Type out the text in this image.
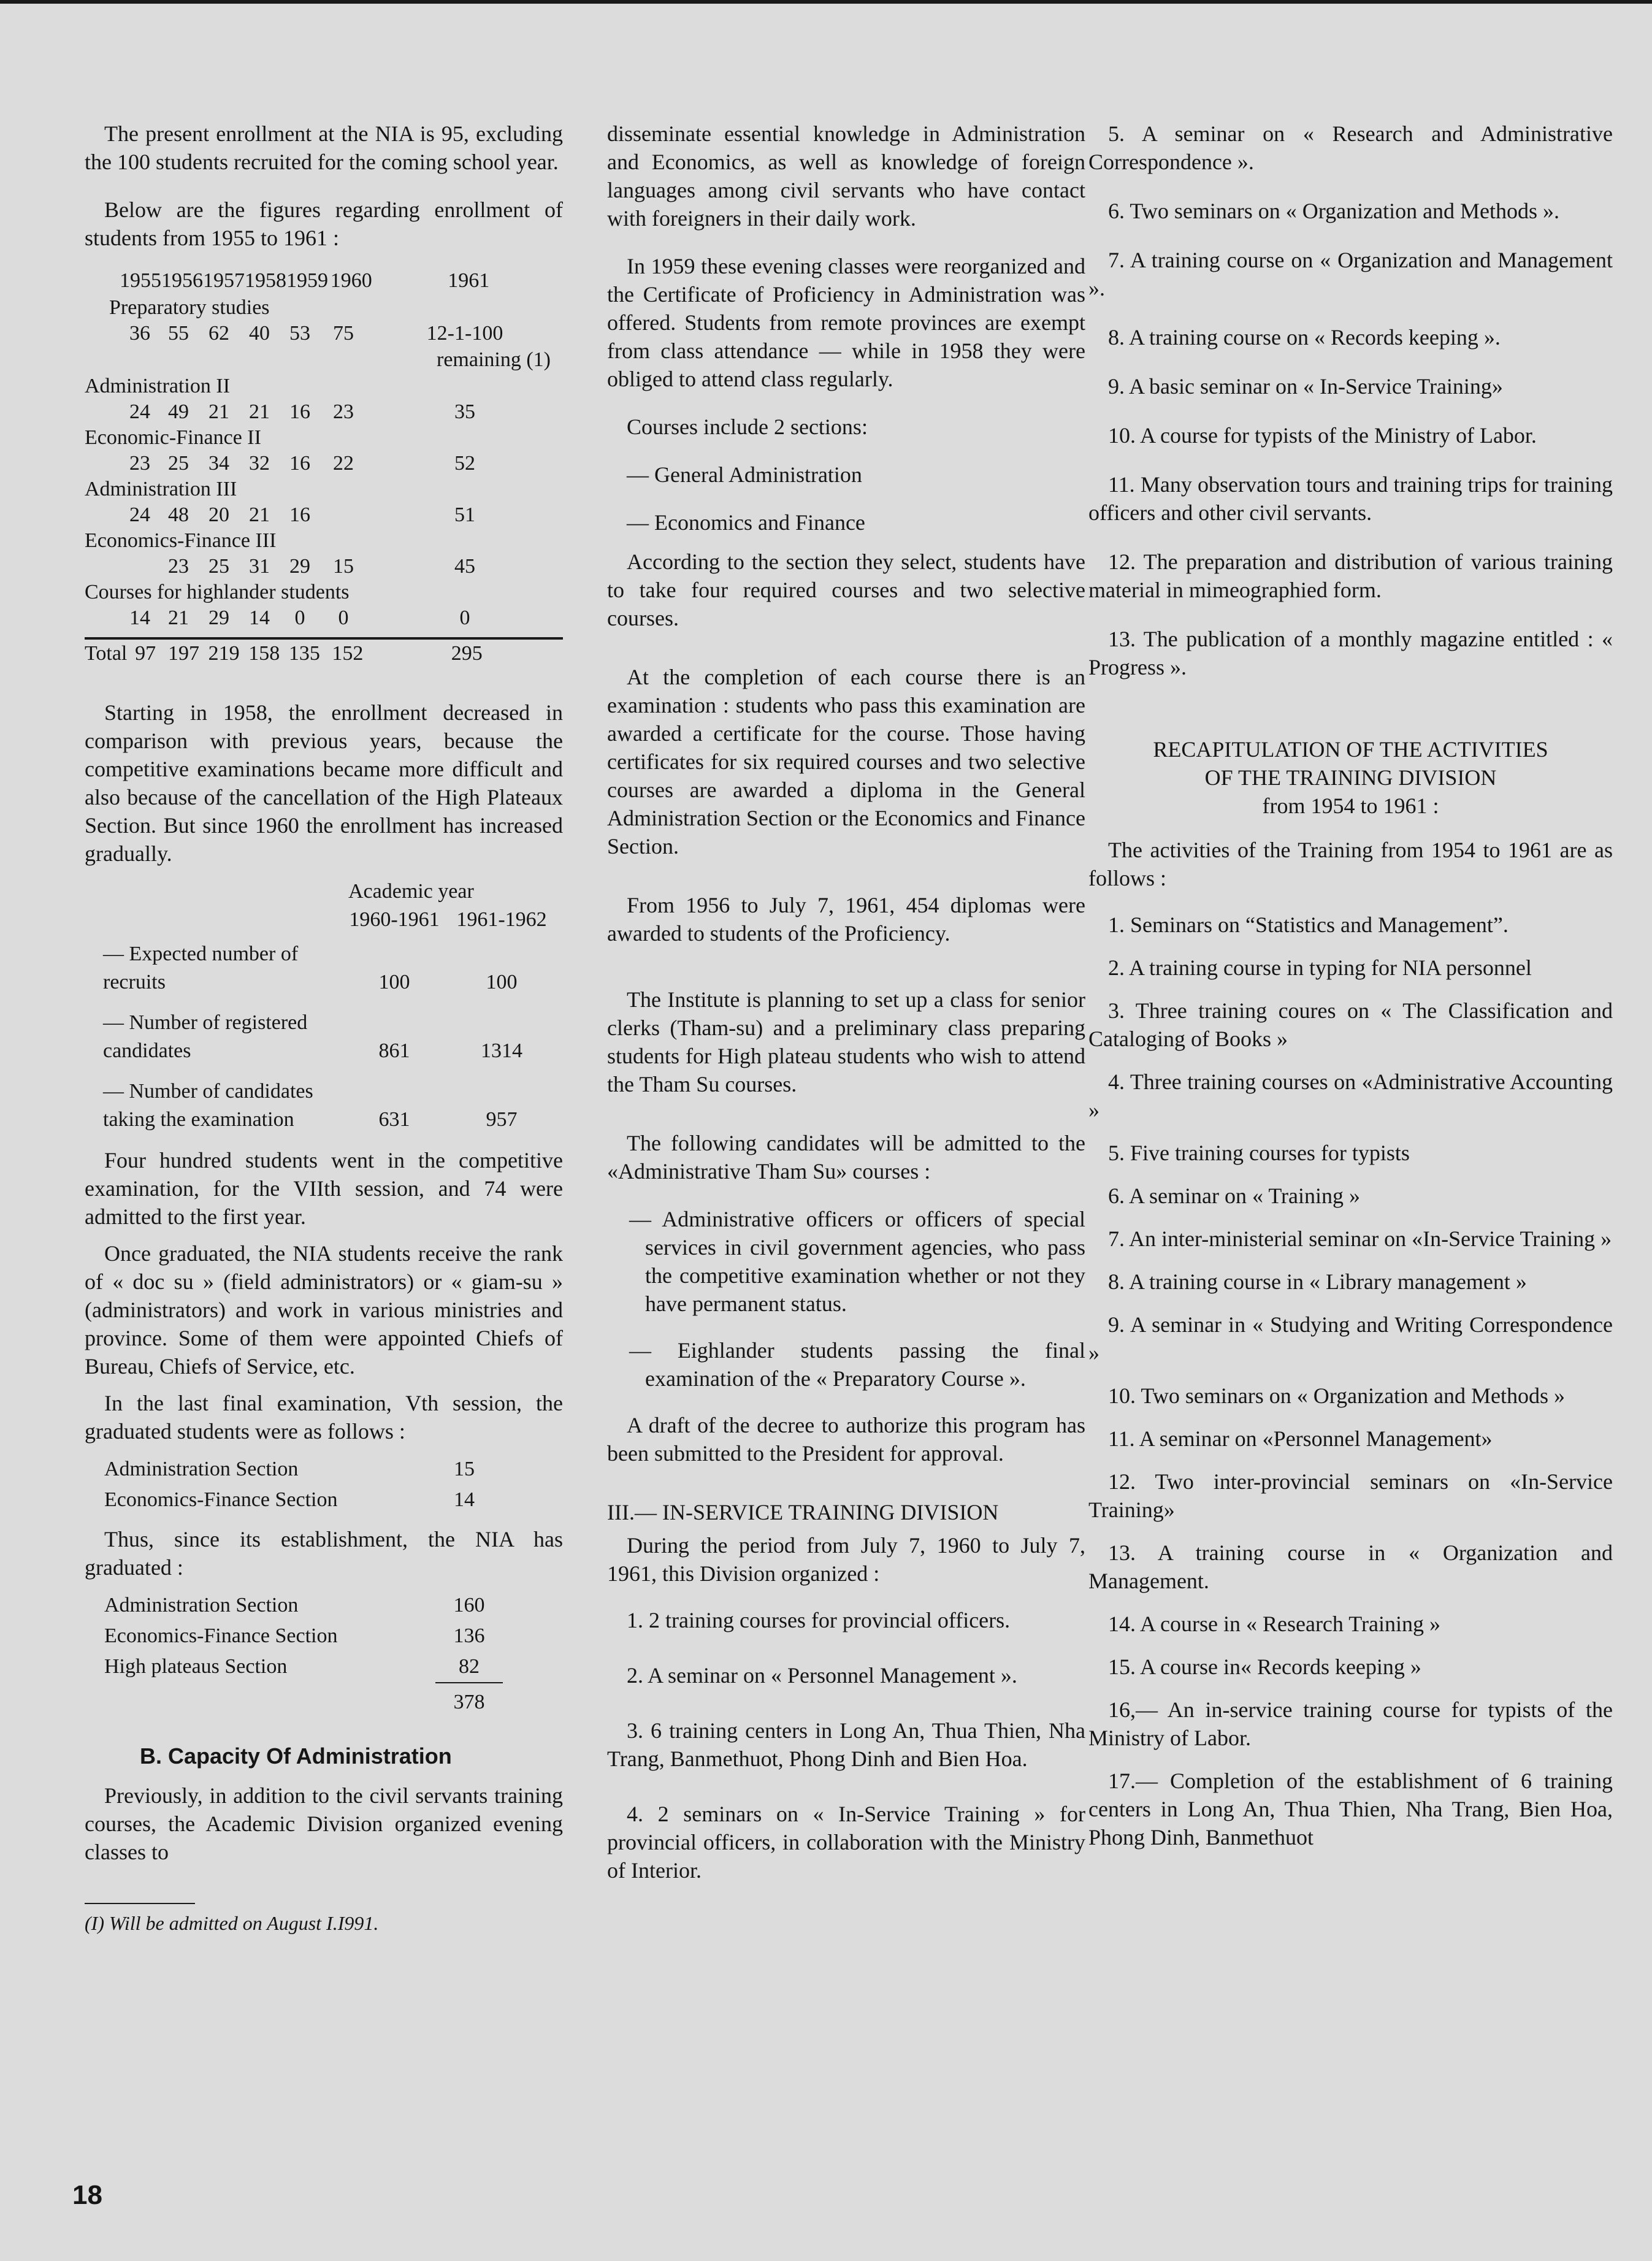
The present enrollment at the NIA is 95, excluding the 100 students recruited for the coming school year.

Below are the figures regarding enrollment of students from 1955 to 1961 :

	1955	1956	1957	1958	1959	1960	1961
Preparatory studies
	36	55	62	40	53	75	12-1-100
remaining (1)
Administration II
	24	49	21	21	16	23	35
Economic-Finance II
	23	25	34	32	16	22	52
Administration III
	24	48	20	21	16		51
Economics-Finance III
		23	25	31	29	15	45
Courses for highlander students
	14	21	29	14	0	0	0
Total	97	197	219	158	135	152	295

Starting in 1958, the enrollment decreased in comparison with previous years, because the competitive examinations became more difficult and also because of the cancellation of the High Plateaux Section. But since 1960 the enrollment has increased gradually.

	Academic year	
	1960-1961	1961-1962
— Expected number of recruits	100	100
— Number of registered candidates	861	1314
— Number of candidates taking the examination	631	957

Four hundred students went in the competitive examination, for the VIIth session, and 74 were admitted to the first year.

Once graduated, the NIA students receive the rank of « doc su » (field administrators) or « giam-su » (administrators) and work in various ministries and province. Some of them were appointed Chiefs of Bureau, Chiefs of Service, etc.

In the last final examination, Vth session, the graduated students were as follows :

Administration Section	15
Economics-Finance Section	14

Thus, since its establishment, the NIA has graduated :

Administration Section	160
Economics-Finance Section	136
High plateaus Section	82
	378
B. Capacity Of Administration

Previously, in addition to the civil servants training courses, the Academic Division organized evening classes to

(I) Will be admitted on August I.I991.

disseminate essential knowledge in Administration and Economics, as well as knowledge of foreign languages among civil servants who have contact with foreigners in their daily work.

In 1959 these evening classes were reorganized and the Certificate of Proficiency in Administration was offered. Students from remote provinces are exempt from class attendance — while in 1958 they were obliged to attend class regularly.

Courses include 2 sections:

— General Administration

— Economics and Finance

According to the section they select, students have to take four required courses and two selective courses.

At the completion of each course there is an examination : students who pass this examination are awarded a certificate for the course. Those having certificates for six required courses and two selective courses are awarded a diploma in the General Administration Section or the Economics and Finance Section.

From 1956 to July 7, 1961, 454 diplomas were awarded to students of the Proficiency.

The Institute is planning to set up a class for senior clerks (Tham-su) and a preliminary class preparing students for High plateau students who wish to attend the Tham Su courses.

The following candidates will be admitted to the «Administrative Tham Su» courses :

— Administrative officers or officers of special services in civil government agencies, who pass the competitive examination whether or not they have permanent status.

— Eighlander students passing the final examination of the « Preparatory Course ».

A draft of the decree to authorize this program has been submitted to the President for approval.

III.— IN-SERVICE TRAINING DIVISION

During the period from July 7, 1960 to July 7, 1961, this Division organized :

1. 2 training courses for provincial officers.

2. A seminar on « Personnel Management ».

3. 6 training centers in Long An, Thua Thien, Nha Trang, Banmethuot, Phong Dinh and Bien Hoa.

4. 2 seminars on « In-Service Training » for provincial officers, in collaboration with the Ministry of Interior.

5. A seminar on « Research and Administrative Correspondence ».

6. Two seminars on « Organization and Methods ».

7. A training course on « Organization and Management ».

8. A training course on « Records keeping ».

9. A basic seminar on « In-Service Training»

10. A course for typists of the Ministry of Labor.

11. Many observation tours and training trips for training officers and other civil servants.

12. The preparation and distribution of various training material in mimeographied form.

13. The publication of a monthly magazine entitled : « Progress ».

RECAPITULATION OF THE ACTIVITIES
OF THE TRAINING DIVISION
from 1954 to 1961 :

The activities of the Training from 1954 to 1961 are as follows :

1. Seminars on “Statistics and Management”.

2. A training course in typing for NIA personnel

3. Three training coures on « The Classification and Cataloging of Books »

4. Three training courses on «Administrative Accounting »

5. Five training courses for typists

6. A seminar on « Training »

7. An inter-ministerial seminar on «In-Service Training »

8. A training course in « Library management »

9. A seminar in « Studying and Writing Correspondence »

10. Two seminars on « Organization and Methods »

11. A seminar on «Personnel Management»

12. Two inter-provincial seminars on «In-Service Training»

13. A training course in « Organization and Management.

14. A course in « Research Training »

15. A course in« Records keeping »

16,— An in-service training course for typists of the Ministry of Labor.

17.— Completion of the establishment of 6 training centers in Long An, Thua Thien, Nha Trang, Bien Hoa, Phong Dinh, Banmethuot

18
